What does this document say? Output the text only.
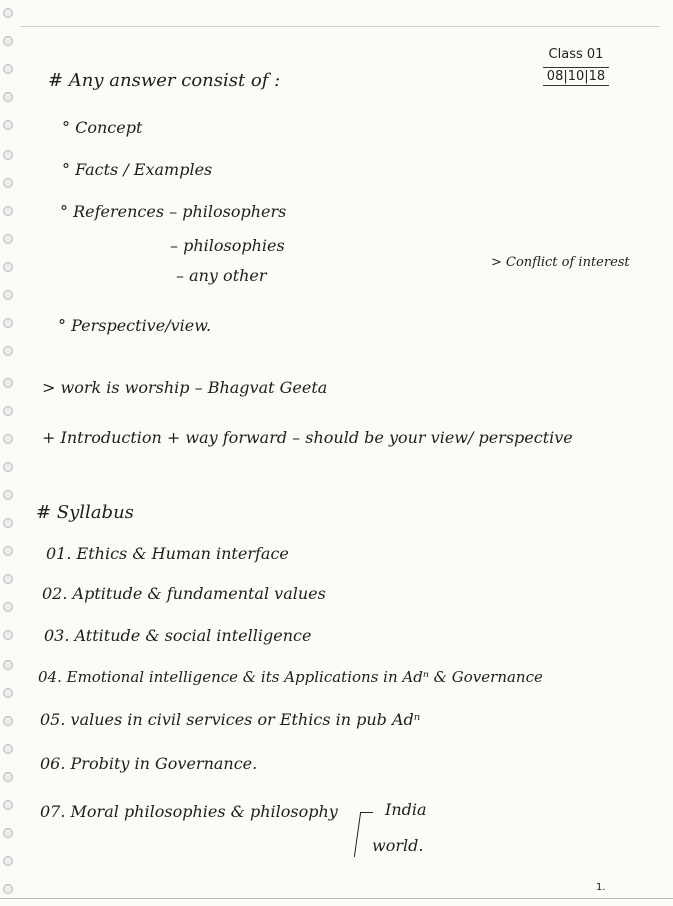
Class 01
08|10|18
# Any answer consist of :
° Concept
° Facts / Examples
° References – philosophers
– philosophies
– any other
> Conflict of interest
° Perspective/view.
> work is worship – Bhagvat Geeta
+ Introduction + way forward – should be your view/ perspective
# Syllabus
01. Ethics & Human interface
02. Aptitude & fundamental values
03. Attitude & social intelligence
04. Emotional intelligence & its Applications in Adⁿ & Governance
05. values in civil services or Ethics in pub Adⁿ
06. Probity in Governance.
07. Moral philosophies & philosophy	India
world.
1.
